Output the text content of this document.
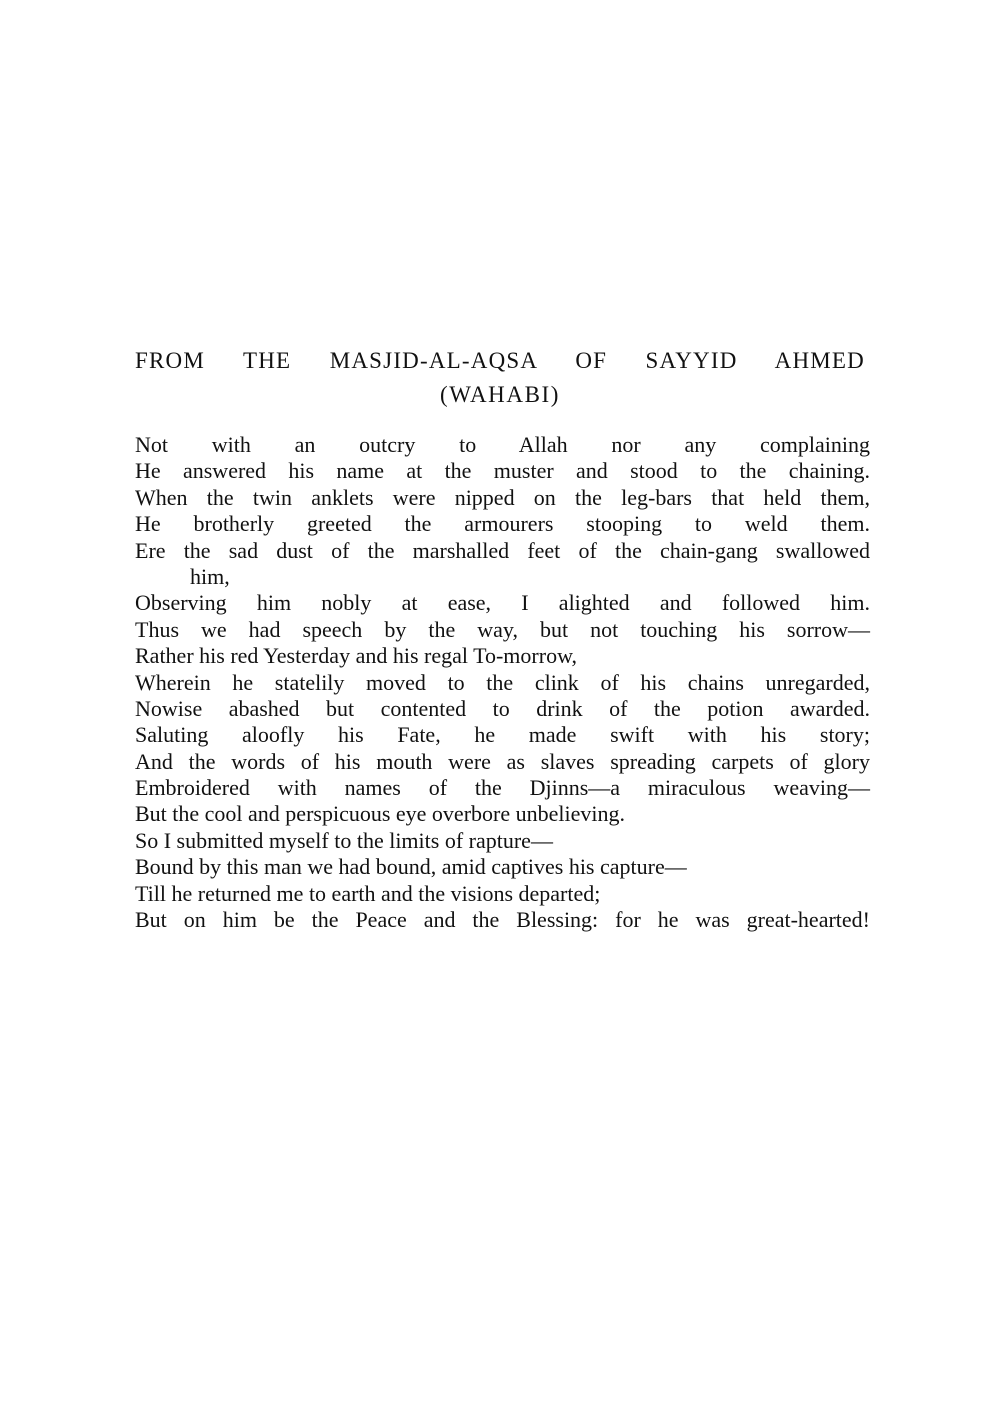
FROM THE MASJID-AL-AQSA OF SAYYID AHMED
(WAHABI)
Not with an outcry to Allah nor any complaining
He answered his name at the muster and stood to the chaining.
When the twin anklets were nipped on the leg-bars that held them,
He brotherly greeted the armourers stooping to weld them.
Ere the sad dust of the marshalled feet of the chain-gang swallowed
him,
Observing him nobly at ease, I alighted and followed him.
Thus we had speech by the way, but not touching his sorrow—
Rather his red Yesterday and his regal To-morrow,
Wherein he statelily moved to the clink of his chains unregarded,
Nowise abashed but contented to drink of the potion awarded.
Saluting aloofly his Fate, he made swift with his story;
And the words of his mouth were as slaves spreading carpets of glory
Embroidered with names of the Djinns—a miraculous weaving—
But the cool and perspicuous eye overbore unbelieving.
So I submitted myself to the limits of rapture—
Bound by this man we had bound, amid captives his capture—
Till he returned me to earth and the visions departed;
But on him be the Peace and the Blessing: for he was great-hearted!
